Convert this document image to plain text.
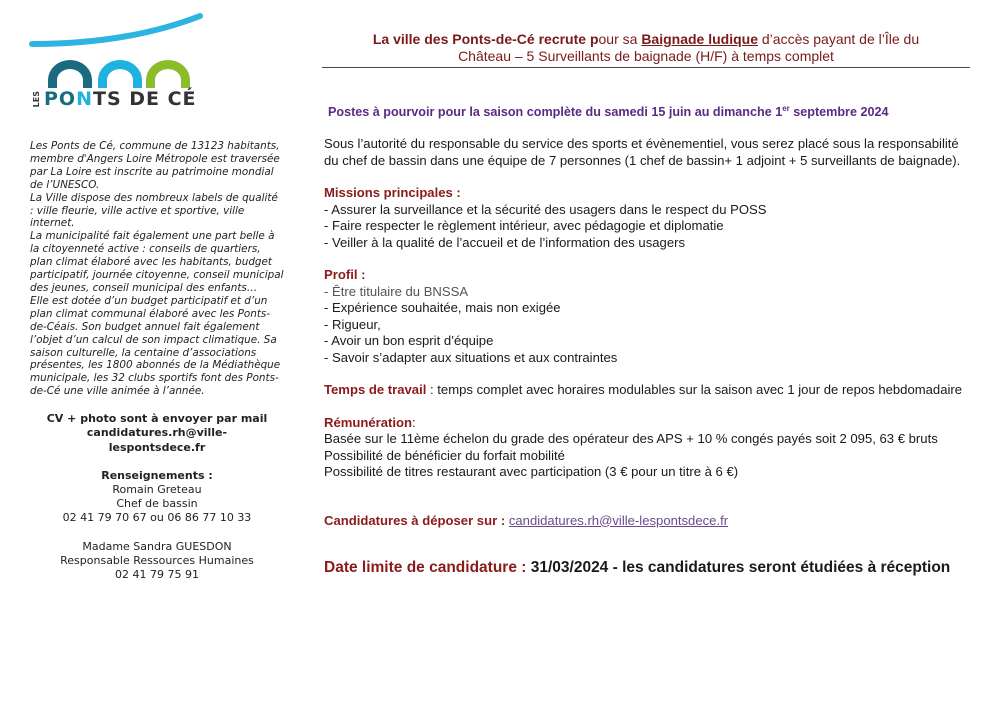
LES PONTS DE CÉ

Les Ponts de Cé, commune de 13123 habitants, membre d'Angers Loire Métropole est traversée par La Loire est inscrite au patrimoine mondial de l’UNESCO.

La Ville dispose des nombreux labels de qualité : ville fleurie, ville active et sportive, ville internet.

La municipalité fait également une part belle à la citoyenneté active : conseils de quartiers, plan climat élaboré avec les habitants, budget participatif, journée citoyenne, conseil municipal des jeunes, conseil municipal des enfants…

Elle est dotée d’un budget participatif et d’un plan climat communal élaboré avec les Ponts-de-Céais. Son budget annuel fait également l’objet d’un calcul de son impact climatique. Sa saison culturelle, la centaine d’associations présentes, les 1800 abonnés de la Médiathèque municipale, les 32 clubs sportifs font des Ponts-de-Cé une ville animée à l’année.

CV + photo sont à envoyer par mail
candidatures.rh@ville-
lespontsdece.fr
Renseignements :
Romain Greteau
Chef de bassin
02 41 79 70 67 ou 06 86 77 10 33
Madame Sandra GUESDON
Responsable Ressources Humaines
02 41 79 75 91
La ville des Ponts-de-Cé recrute pour sa Baignade ludique d’accès payant de l’Île du
Château – 5 Surveillants de baignade (H/F) à temps complet
Postes à pourvoir pour la saison complète du samedi 15 juin au dimanche 1er septembre 2024

Sous l’autorité du responsable du service des sports et évènementiel, vous serez placé sous la responsabilité du chef de bassin dans une équipe de 7 personnes (1 chef de bassin+ 1 adjoint + 5 surveillants de baignade).

Missions principales :

- Assurer la surveillance et la sécurité des usagers dans le respect du POSS

- Faire respecter le règlement intérieur, avec pédagogie et diplomatie

- Veiller à la qualité de l’accueil et de l’information des usagers

Profil :

- Être titulaire du BNSSA

- Expérience souhaitée, mais non exigée

- Rigueur,

- Avoir un bon esprit d’équipe

- Savoir s’adapter aux situations et aux contraintes

Temps de travail : temps complet avec horaires modulables sur la saison avec 1 jour de repos hebdomadaire

Rémunération:

Basée sur le 11ème échelon du grade des opérateur des APS + 10 % congés payés soit 2 095, 63 € bruts

Possibilité de bénéficier du forfait mobilité

Possibilité de titres restaurant avec participation (3 € pour un titre à 6 €)

Candidatures à déposer sur : candidatures.rh@ville-lespontsdece.fr

Date limite de candidature : 31/03/2024 - les candidatures seront étudiées à réception
